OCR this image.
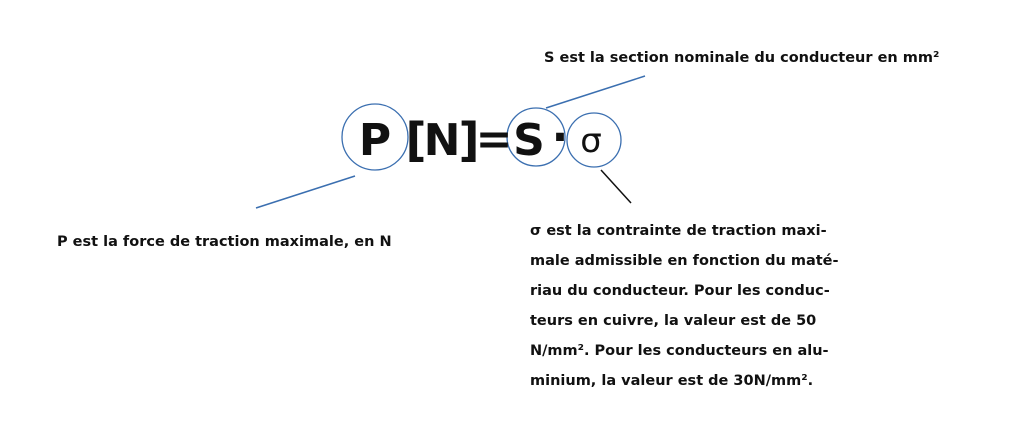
P [
N
]
= S · σ
S est la section nominale du conducteur en mm²
P est la force de traction maximale, en N
σ est la contrainte de traction maxi-
male admissible en fonction du maté-
riau du conducteur. Pour les conduc-
teurs en cuivre, la valeur est de 50
N/mm². Pour les conducteurs en alu-
minium, la valeur est de 30N/mm².
